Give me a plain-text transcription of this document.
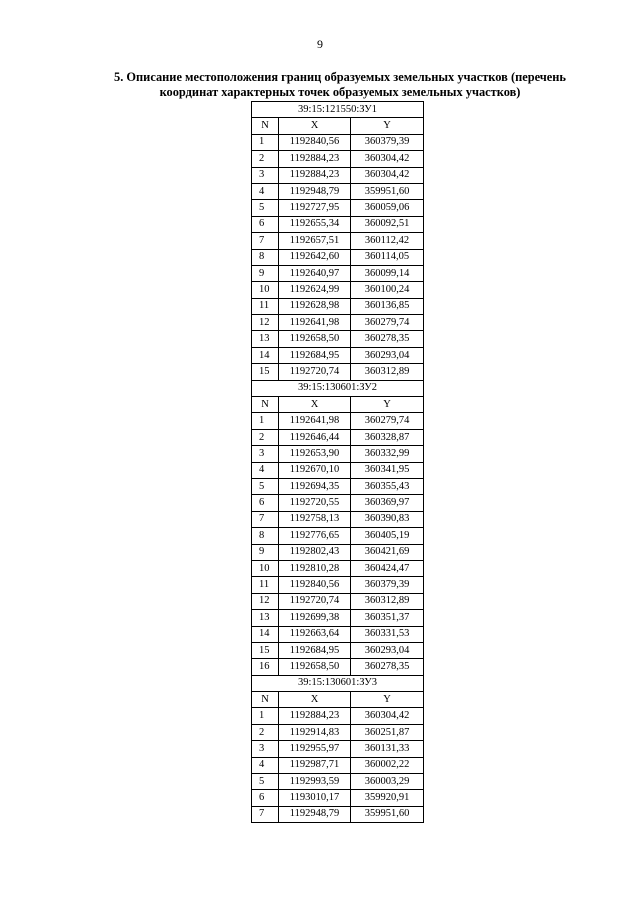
9
5. Описание местоположения границ образуемых земельных участков (перечень
координат характерных точек образуемых земельных участков)
39:15:121550:ЗУ1		
N	X	Y
1	1192840,56	360379,39
2	1192884,23	360304,42
3	1192884,23	360304,42
4	1192948,79	359951,60
5	1192727,95	360059,06
6	1192655,34	360092,51
7	1192657,51	360112,42
8	1192642,60	360114,05
9	1192640,97	360099,14
10	1192624,99	360100,24
11	1192628,98	360136,85
12	1192641,98	360279,74
13	1192658,50	360278,35
14	1192684,95	360293,04
15	1192720,74	360312,89
39:15:130601:ЗУ2		
N	X	Y
1	1192641,98	360279,74
2	1192646,44	360328,87
3	1192653,90	360332,99
4	1192670,10	360341,95
5	1192694,35	360355,43
6	1192720,55	360369,97
7	1192758,13	360390,83
8	1192776,65	360405,19
9	1192802,43	360421,69
10	1192810,28	360424,47
11	1192840,56	360379,39
12	1192720,74	360312,89
13	1192699,38	360351,37
14	1192663,64	360331,53
15	1192684,95	360293,04
16	1192658,50	360278,35
39:15:130601:ЗУ3		
N	X	Y
1	1192884,23	360304,42
2	1192914,83	360251,87
3	1192955,97	360131,33
4	1192987,71	360002,22
5	1192993,59	360003,29
6	1193010,17	359920,91
7	1192948,79	359951,60
